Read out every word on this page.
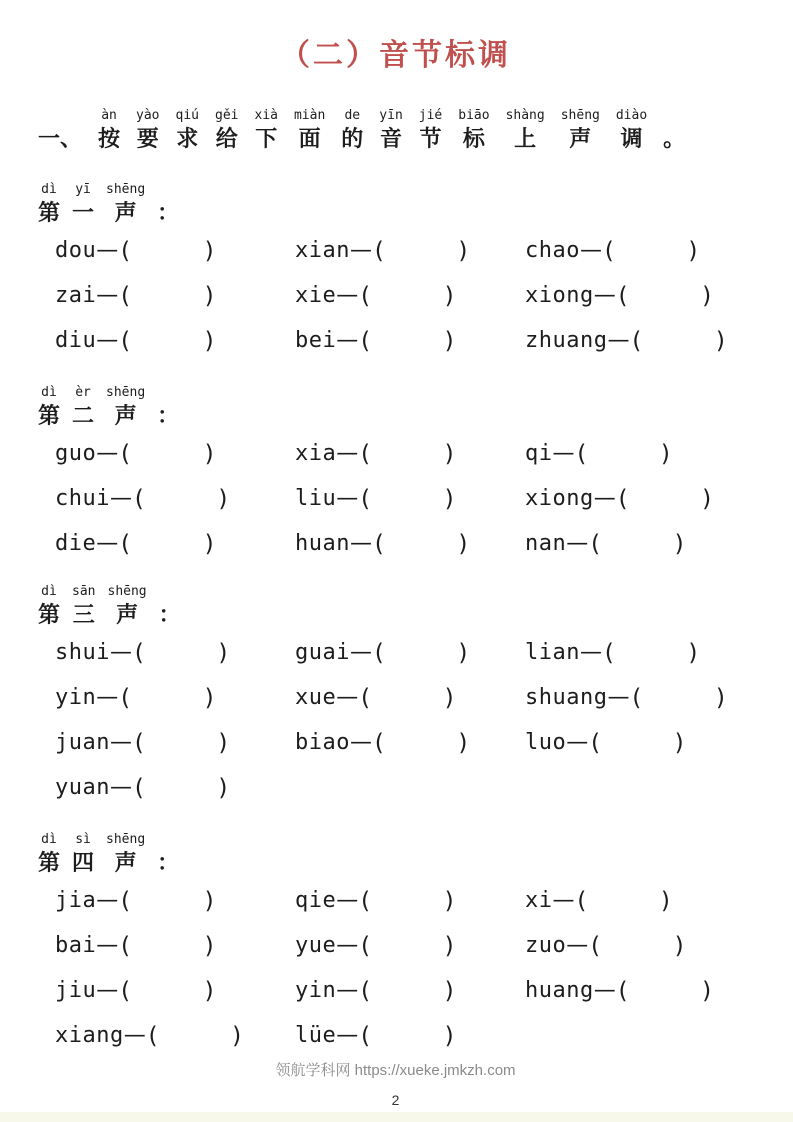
（二）音节标调
一、
àn
按
yào
要
qiú
求
gěi
给
xià
下
miàn
面
de
的
yīn
音
jié
节
biāo
标
shàng
上
shēng
声
diào
调 。
dì
第
yī
一
shēng
声 ：
dou — (	)	xian — (	) chao — (	)
zai — (	)	xie — (	)	xiong — (	)
diu — (	)	bei — (	)	zhuang — (	)
dì
第
èr
二
shēng
声 ：
guo — (	)	xia — (	)	qi — (	)
chui — (	)	liu — (	)	xiong — (	)
die — (	)	huan — (	) nan — (	)
dì
第
sān
三
shēng
声 ：
shui — (	)	guai — (	) lian — (	)
yin — (	)	xue — (	)	shuang — (	)
juan — (	)	biao — (	) luo — (	)
yuan — (	)
dì
第
sì
四
shēng
声 ：
jia — (	)	qie — (	)	xi — (	)
bai — (	)	yue — (	)	zuo — (	)
jiu — (	)	yin — (	)	huang — (	)
xiang — (	) lüe — (	)
领航学科网 https://xueke.jmkzh.com
2
